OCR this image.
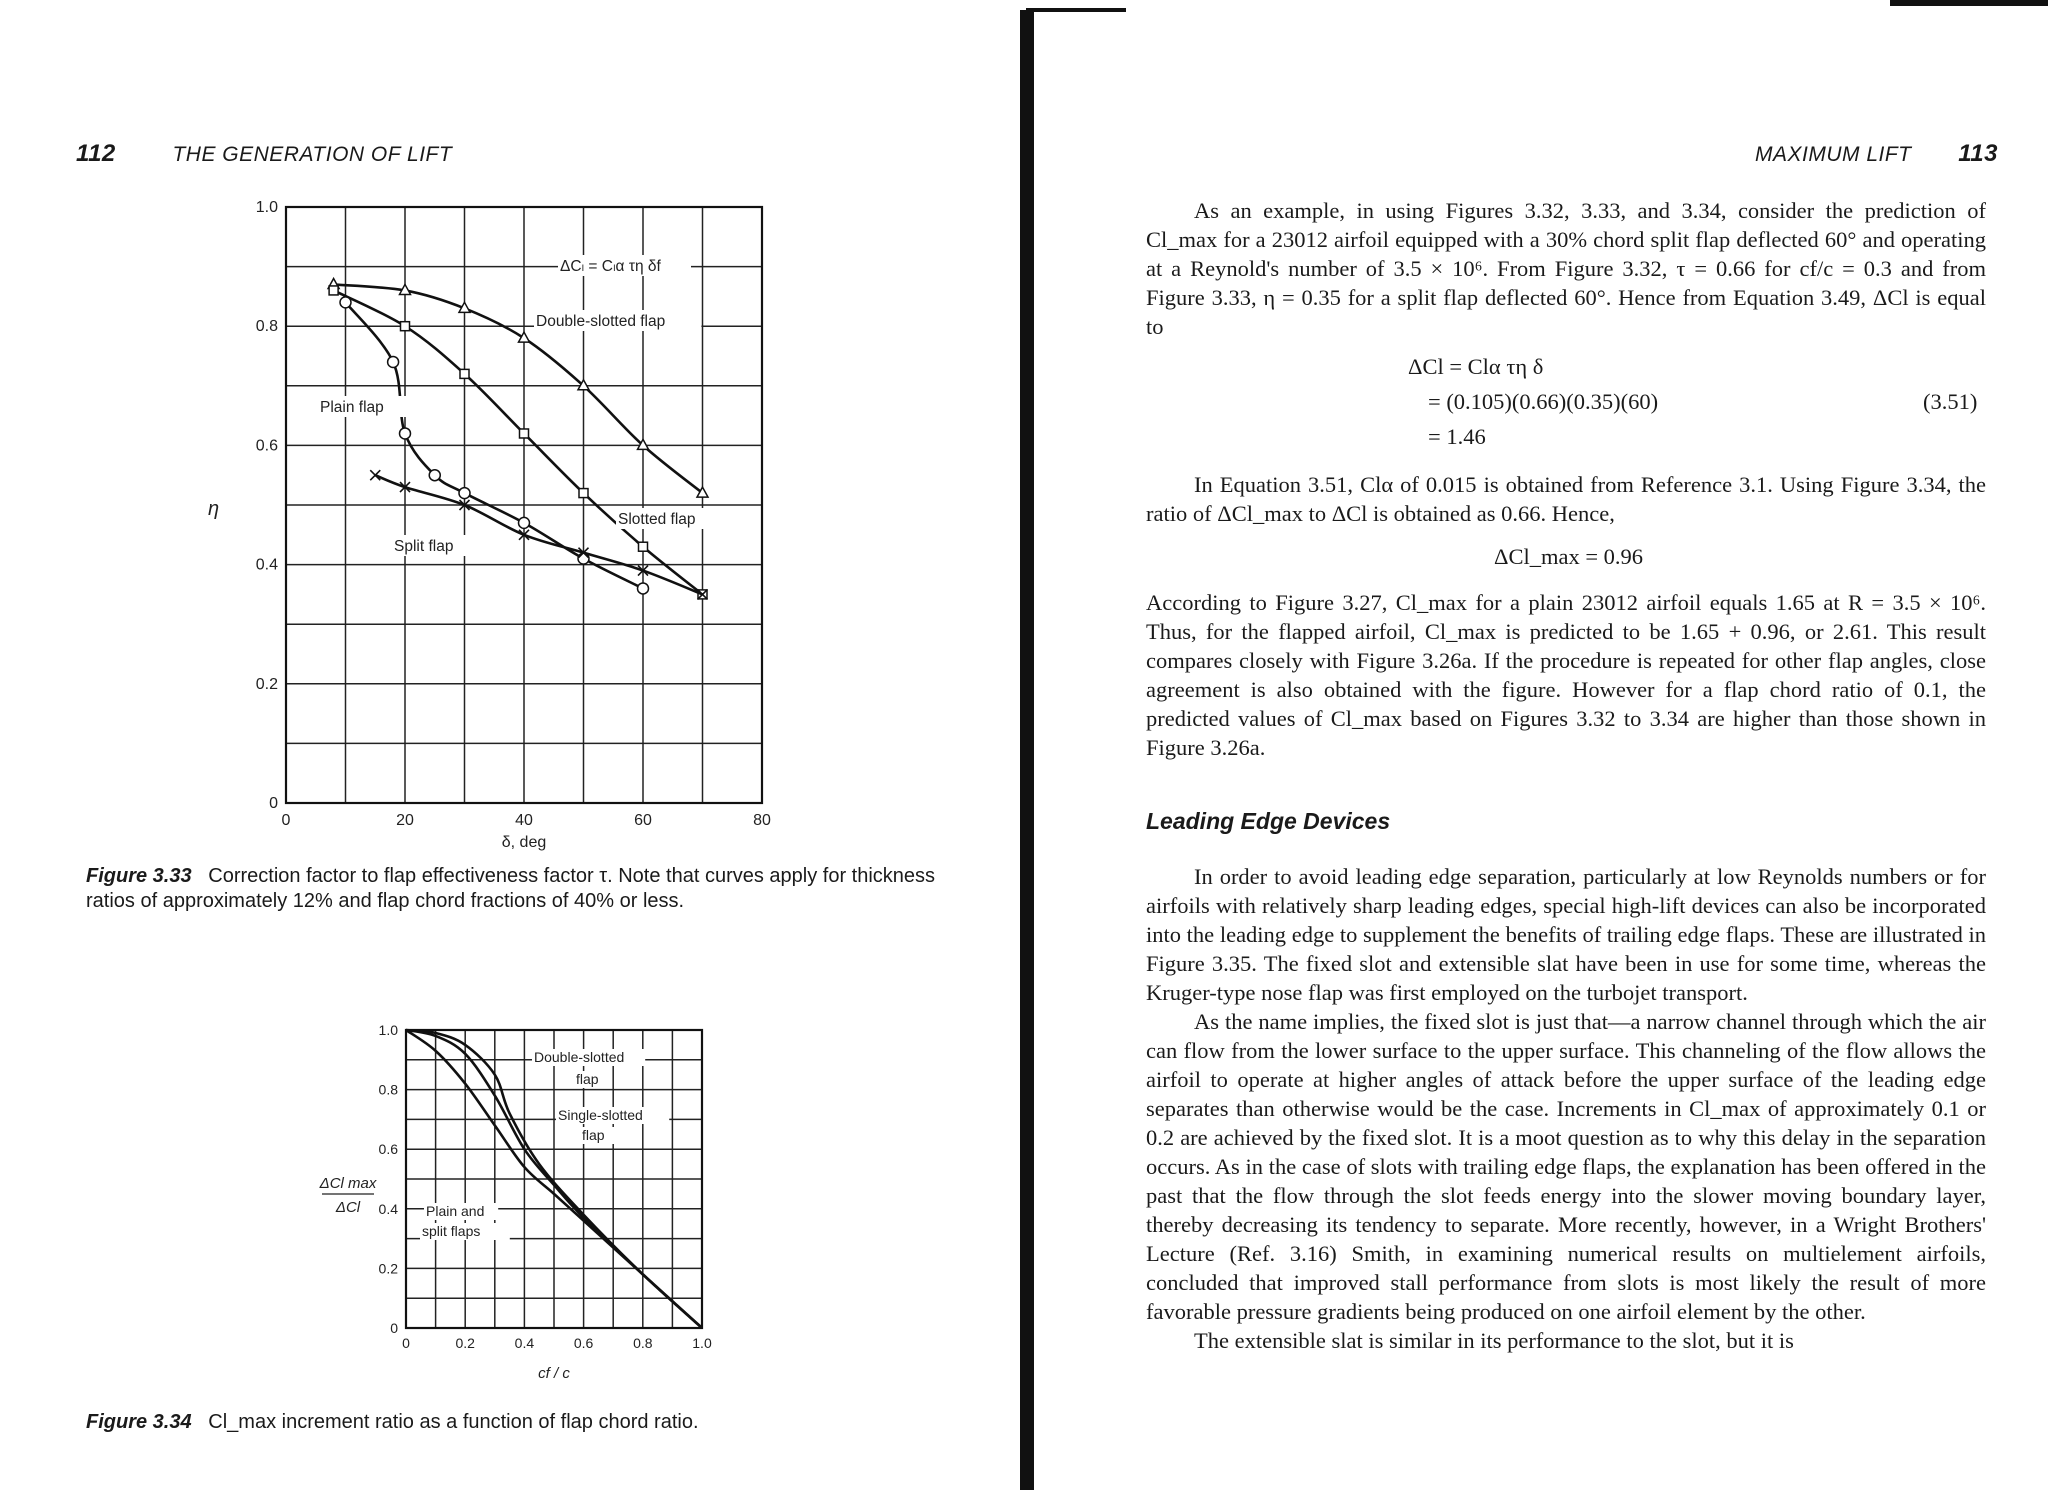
112	THE GENERATION OF LIFT
1.0
0.8
0.6
0.4
0.2
0
0	20	40	60	80
ΔCₗ = Cₗα τη δf
Double-slotted flap
Plain flap
Slotted flap
Split flap
η
δ, deg
Figure 3.33 Correction factor to flap effectiveness factor τ. Note that curves apply for thickness ratios of approximately 12% and flap chord fractions of 40% or less.
1.0
0.8
0.6
0.4
0.2
0
0	0.2	0.4	0.6	0.8	1.0
Double-slotted
flap
Single-slotted
flap
Plain and
split flaps
ΔCl max
ΔCl
cf / c
Figure 3.34 Cl_max increment ratio as a function of flap chord ratio.
MAXIMUM LIFT 113

As an example, in using Figures 3.32, 3.33, and 3.34, consider the prediction of Cl_max for a 23012 airfoil equipped with a 30% chord split flap deflected 60° and operating at a Reynold's number of 3.5 × 10⁶. From Figure 3.32, τ = 0.66 for cf/c = 0.3 and from Figure 3.33, η = 0.35 for a split flap deflected 60°. Hence from Equation 3.49, ΔCl is equal to

ΔCl = Clα τη δ
= (0.105)(0.66)(0.35)(60)	(3.51)
= 1.46

In Equation 3.51, Clα of 0.015 is obtained from Reference 3.1. Using Figure 3.34, the ratio of ΔCl_max to ΔCl is obtained as 0.66. Hence,

ΔCl_max = 0.96

According to Figure 3.27, Cl_max for a plain 23012 airfoil equals 1.65 at R = 3.5 × 10⁶. Thus, for the flapped airfoil, Cl_max is predicted to be 1.65 + 0.96, or 2.61. This result compares closely with Figure 3.26a. If the procedure is repeated for other flap angles, close agreement is also obtained with the figure. However for a flap chord ratio of 0.1, the predicted values of Cl_max based on Figures 3.32 to 3.34 are higher than those shown in Figure 3.26a.

Leading Edge Devices

In order to avoid leading edge separation, particularly at low Reynolds numbers or for airfoils with relatively sharp leading edges, special high-lift devices can also be incorporated into the leading edge to supplement the benefits of trailing edge flaps. These are illustrated in Figure 3.35. The fixed slot and extensible slat have been in use for some time, whereas the Kruger-type nose flap was first employed on the turbojet transport.

As the name implies, the fixed slot is just that—a narrow channel through which the air can flow from the lower surface to the upper surface. This channeling of the flow allows the airfoil to operate at higher angles of attack before the upper surface of the leading edge separates than otherwise would be the case. Increments in Cl_max of approximately 0.1 or 0.2 are achieved by the fixed slot. It is a moot question as to why this delay in the separation occurs. As in the case of slots with trailing edge flaps, the explanation has been offered in the past that the flow through the slot feeds energy into the slower moving boundary layer, thereby decreasing its tendency to separate. More recently, however, in a Wright Brothers' Lecture (Ref. 3.16) Smith, in examining numerical results on multielement airfoils, concluded that improved stall performance from slots is most likely the result of more favorable pressure gradients being produced on one airfoil element by the other.

The extensible slat is similar in its performance to the slot, but it is
